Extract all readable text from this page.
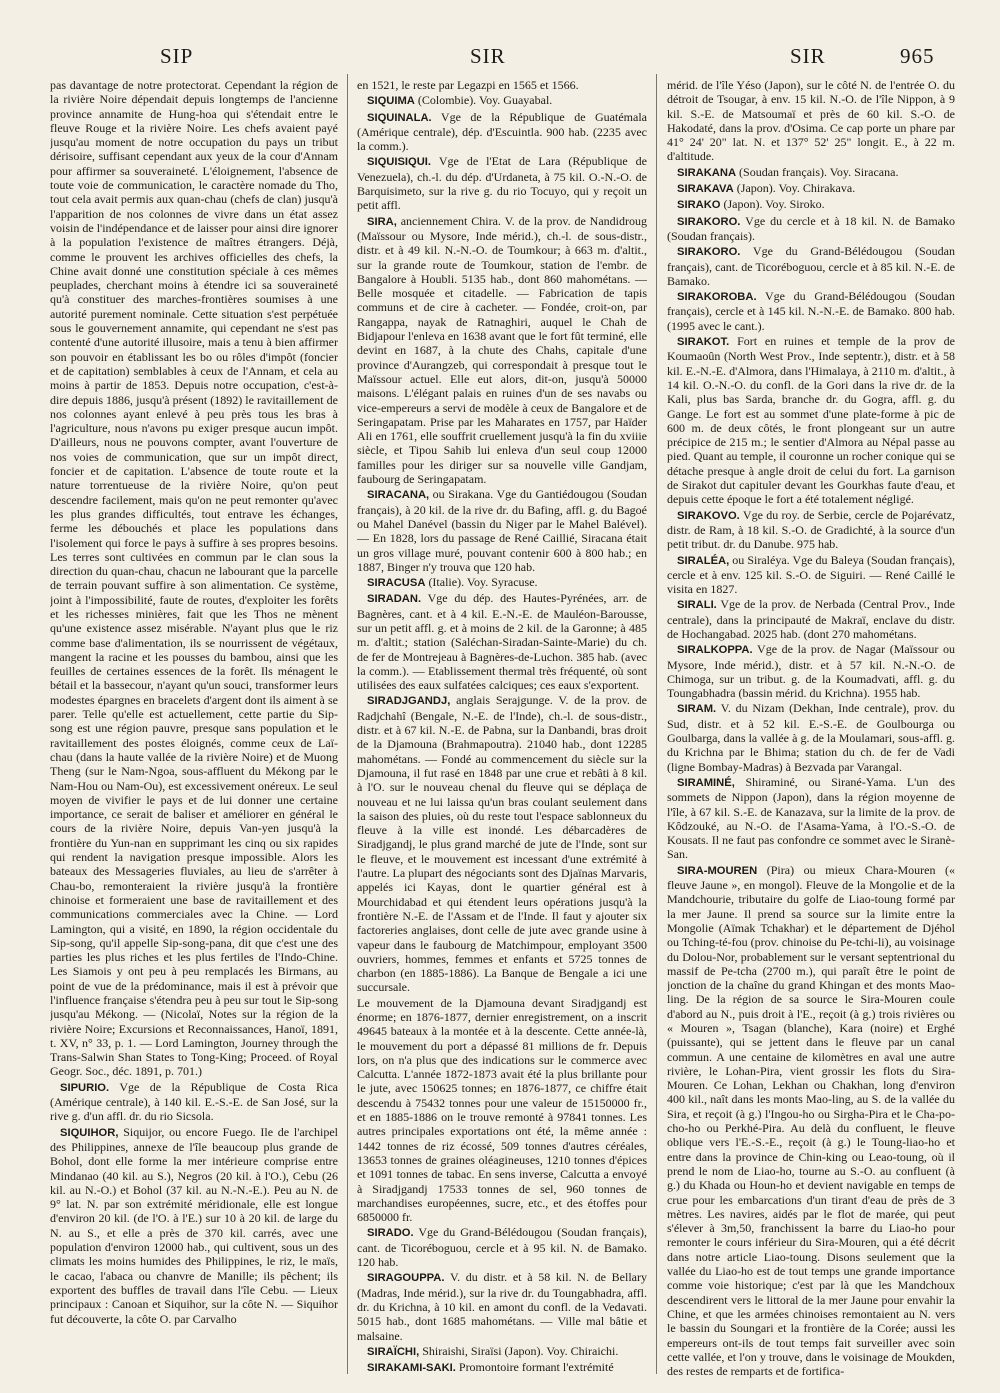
SIP	SIR	SIR	965

pas davantage de notre protectorat. Cependant la région de la rivière Noire dépendait depuis longtemps de l'ancienne province annamite de Hung-hoa qui s'étendait entre le fleuve Rouge et la rivière Noire. Les chefs avaient payé jusqu'au moment de notre occupation du pays un tribut dérisoire, suffisant cependant aux yeux de la cour d'Annam pour affirmer sa souveraineté. L'éloignement, l'absence de toute voie de communication, le caractère nomade du Tho, tout cela avait permis aux quan-chau (chefs de clan) jusqu'à l'apparition de nos colonnes de vivre dans un état assez voisin de l'indépendance et de laisser pour ainsi dire ignorer à la population l'existence de maîtres étrangers. Déjà, comme le prouvent les archives officielles des chefs, la Chine avait donné une constitution spéciale à ces mêmes peuplades, cherchant moins à étendre ici sa souveraineté qu'à constituer des marches-frontières soumises à une autorité purement nominale. Cette situation s'est perpétuée sous le gouvernement annamite, qui cependant ne s'est pas contenté d'une autorité illusoire, mais a tenu à bien affirmer son pouvoir en établissant les bo ou rôles d'impôt (foncier et de capitation) semblables à ceux de l'Annam, et cela au moins à partir de 1853. Depuis notre occupation, c'est-à-dire depuis 1886, jusqu'à présent (1892) le ravitaillement de nos colonnes ayant enlevé à peu près tous les bras à l'agriculture, nous n'avons pu exiger presque aucun impôt. D'ailleurs, nous ne pouvons compter, avant l'ouverture de nos voies de communication, que sur un impôt direct, foncier et de capitation. L'absence de toute route et la nature torrentueuse de la rivière Noire, qu'on peut descendre facilement, mais qu'on ne peut remonter qu'avec les plus grandes difficultés, tout entrave les échanges, ferme les débouchés et place les populations dans l'isolement qui force le pays à suffire à ses propres besoins. Les terres sont cultivées en commun par le clan sous la direction du quan-chau, chacun ne labourant que la parcelle de terrain pouvant suffire à son alimentation. Ce système, joint à l'impossibilité, faute de routes, d'exploiter les forêts et les richesses minières, fait que les Thos ne mènent qu'une existence assez misérable. N'ayant plus que le riz comme base d'alimentation, ils se nourrissent de végétaux, mangent la racine et les pousses du bambou, ainsi que les feuilles de certaines essences de la forêt. Ils ménagent le bétail et la bassecour, n'ayant qu'un souci, transformer leurs modestes épargnes en bracelets d'argent dont ils aiment à se parer. Telle qu'elle est actuellement, cette partie du Sip-song est une région pauvre, presque sans population et le ravitaillement des postes éloignés, comme ceux de Laï-chau (dans la haute vallée de la rivière Noire) et de Muong Theng (sur le Nam-Ngoa, sous-affluent du Mékong par le Nam-Hou ou Nam-Ou), est excessivement onéreux. Le seul moyen de vivifier le pays et de lui donner une certaine importance, ce serait de baliser et améliorer en général le cours de la rivière Noire, depuis Van-yen jusqu'à la frontière du Yun-nan en supprimant les cinq ou six rapides qui rendent la navigation presque impossible. Alors les bateaux des Messageries fluviales, au lieu de s'arrêter à Chau-bo, remonteraient la rivière jusqu'à la frontière chinoise et formeraient une base de ravitaillement et des communications commerciales avec la Chine. — Lord Lamington, qui a visité, en 1890, la région occidentale du Sip-song, qu'il appelle Sip-song-pana, dit que c'est une des parties les plus riches et les plus fertiles de l'Indo-Chine. Les Siamois y ont peu à peu remplacés les Birmans, au point de vue de la prédominance, mais il est à prévoir que l'influence française s'étendra peu à peu sur tout le Sip-song jusqu'au Mékong. — (Nicolaï, Notes sur la région de la rivière Noire; Excursions et Reconnaissances, Hanoï, 1891, t. XV, n° 33, p. 1. — Lord Lamington, Journey through the Trans-Salwin Shan States to Tong-King; Proceed. of Royal Geogr. Soc., déc. 1891, p. 701.)

SIPURIO. Vge de la République de Costa Rica (Amérique centrale), à 140 kil. E.-S.-E. de San José, sur la rive g. d'un affl. dr. du rio Sicsola.

SIQUIHOR, Siquijor, ou encore Fuego. Ile de l'archipel des Philippines, annexe de l'île beaucoup plus grande de Bohol, dont elle forme la mer intérieure comprise entre Mindanao (40 kil. au S.), Negros (20 kil. à l'O.), Cebu (26 kil. au N.-O.) et Bohol (37 kil. au N.-N.-E.). Peu au N. de 9° lat. N. par son extrémité méridionale, elle est longue d'environ 20 kil. (de l'O. à l'E.) sur 10 à 20 kil. de large du N. au S., et elle a près de 370 kil. carrés, avec une population d'environ 12000 hab., qui cultivent, sous un des climats les moins humides des Philippines, le riz, le maïs, le cacao, l'abaca ou chanvre de Manille; ils pêchent; ils exportent des buffles de travail dans l'île Cebu. — Lieux principaux : Canoan et Siquihor, sur la côte N. — Siquihor fut découverte, la côte O. par Carvalho

en 1521, le reste par Legazpi en 1565 et 1566.

SIQUIMA (Colombie). Voy. Guayabal.

SIQUINALA. Vge de la République de Guatémala (Amérique centrale), dép. d'Escuintla. 900 hab. (2235 avec la comm.).

SIQUISIQUI. Vge de l'Etat de Lara (République de Venezuela), ch.-l. du dép. d'Urdaneta, à 75 kil. O.-N.-O. de Barquisimeto, sur la rive g. du rio Tocuyo, qui y reçoit un petit affl.

SIRA, anciennement Chira. V. de la prov. de Nandidroug (Maïssour ou Mysore, Inde mérid.), ch.-l. de sous-distr., distr. et à 49 kil. N.-N.-O. de Toumkour; à 663 m. d'altit., sur la grande route de Toumkour, station de l'embr. de Bangalore à Houbli. 5135 hab., dont 860 mahométans. — Belle mosquée et citadelle. — Fabrication de tapis communs et de cire à cacheter. — Fondée, croit-on, par Rangappa, nayak de Ratnaghiri, auquel le Chah de Bidjapour l'enleva en 1638 avant que le fort fût terminé, elle devint en 1687, à la chute des Chahs, capitale d'une province d'Aurangzeb, qui correspondait à presque tout le Maïssour actuel. Elle eut alors, dit-on, jusqu'à 50000 maisons. L'élégant palais en ruines d'un de ses navabs ou vice-empereurs a servi de modèle à ceux de Bangalore et de Seringapatam. Prise par les Maharates en 1757, par Haïder Ali en 1761, elle souffrit cruellement jusqu'à la fin du xviiie siècle, et Tipou Sahib lui enleva d'un seul coup 12000 familles pour les diriger sur sa nouvelle ville Gandjam, faubourg de Seringapatam.

SIRACANA, ou Sirakana. Vge du Gantiédougou (Soudan français), à 20 kil. de la rive dr. du Bafing, affl. g. du Bagoé ou Mahel Danével (bassin du Niger par le Mahel Balével). — En 1828, lors du passage de René Caillié, Siracana était un gros village muré, pouvant contenir 600 à 800 hab.; en 1887, Binger n'y trouva que 120 hab.

SIRACUSA (Italie). Voy. Syracuse.

SIRADAN. Vge du dép. des Hautes-Pyrénées, arr. de Bagnères, cant. et à 4 kil. E.-N.-E. de Mauléon-Barousse, sur un petit affl. g. et à moins de 2 kil. de la Garonne; à 485 m. d'altit.; station (Saléchan-Siradan-Sainte-Marie) du ch. de fer de Montrejeau à Bagnères-de-Luchon. 385 hab. (avec la comm.). — Etablissement thermal très fréquenté, où sont utilisées des eaux sulfatées calciques; ces eaux s'exportent.

SIRADJGANDJ, anglais Serajgunge. V. de la prov. de Radjchahî (Bengale, N.-E. de l'Inde), ch.-l. de sous-distr., distr. et à 67 kil. N.-E. de Pabna, sur la Danbandi, bras droit de la Djamouna (Brahmapoutra). 21040 hab., dont 12285 mahométans. — Fondé au commencement du siècle sur la Djamouna, il fut rasé en 1848 par une crue et rebâti à 8 kil. à l'O. sur le nouveau chenal du fleuve qui se déplaça de nouveau et ne lui laissa qu'un bras coulant seulement dans la saison des pluies, où du reste tout l'espace sablonneux du fleuve à la ville est inondé. Les débarcadères de Siradjgandj, le plus grand marché de jute de l'Inde, sont sur le fleuve, et le mouvement est incessant d'une extrémité à l'autre. La plupart des négociants sont des Djaïnas Marvaris, appelés ici Kayas, dont le quartier général est à Mourchidabad et qui étendent leurs opérations jusqu'à la frontière N.-E. de l'Assam et de l'Inde. Il faut y ajouter six factoreries anglaises, dont celle de jute avec grande usine à vapeur dans le faubourg de Matchimpour, employant 3500 ouvriers, hommes, femmes et enfants et 5725 tonnes de charbon (en 1885-1886). La Banque de Bengale a ici une succursale.

Le mouvement de la Djamouna devant Siradjgandj est énorme; en 1876-1877, dernier enregistrement, on a inscrit 49645 bateaux à la montée et à la descente. Cette année-là, le mouvement du port a dépassé 81 millions de fr. Depuis lors, on n'a plus que des indications sur le commerce avec Calcutta. L'année 1872-1873 avait été la plus brillante pour le jute, avec 150625 tonnes; en 1876-1877, ce chiffre était descendu à 75432 tonnes pour une valeur de 15150000 fr., et en 1885-1886 on le trouve remonté à 97841 tonnes. Les autres principales exportations ont été, la même année : 1442 tonnes de riz écossé, 509 tonnes d'autres céréales, 13653 tonnes de graines oléagineuses, 1210 tonnes d'épices et 1091 tonnes de tabac. En sens inverse, Calcutta a envoyé à Siradjgandj 17533 tonnes de sel, 960 tonnes de marchandises européennes, sucre, etc., et des étoffes pour 6850000 fr.

SIRADO. Vge du Grand-Bélédougou (Soudan français), cant. de Ticoréboguou, cercle et à 95 kil. N. de Bamako. 120 hab.

SIRAGOUPPA. V. du distr. et à 58 kil. N. de Bellary (Madras, Inde mérid.), sur la rive dr. du Toungabhadra, affl. dr. du Krichna, à 10 kil. en amont du confl. de la Vedavati. 5015 hab., dont 1685 mahométans. — Ville mal bâtie et malsaine.

SIRAÏCHI, Shiraishi, Siraïsi (Japon). Voy. Chiraichi.

SIRAKAMI-SAKI. Promontoire formant l'extrémité

mérid. de l'île Yéso (Japon), sur le côté N. de l'entrée O. du détroit de Tsougar, à env. 15 kil. N.-O. de l'île Nippon, à 9 kil. S.-E. de Matsoumaï et près de 60 kil. S.-O. de Hakodaté, dans la prov. d'Osima. Ce cap porte un phare par 41° 24' 20" lat. N. et 137° 52' 25" longit. E., à 22 m. d'altitude.

SIRAKANA (Soudan français). Voy. Siracana.

SIRAKAVA (Japon). Voy. Chirakava.

SIRAKO (Japon). Voy. Siroko.

SIRAKORO. Vge du cercle et à 18 kil. N. de Bamako (Soudan français).

SIRAKORO. Vge du Grand-Bélédougou (Soudan français), cant. de Ticoréboguou, cercle et à 85 kil. N.-E. de Bamako.

SIRAKOROBA. Vge du Grand-Bélédougou (Soudan français), cercle et à 145 kil. N.-N.-E. de Bamako. 800 hab. (1995 avec le cant.).

SIRAKOT. Fort en ruines et temple de la prov de Koumaoûn (North West Prov., Inde septentr.), distr. et à 58 kil. E.-N.-E. d'Almora, dans l'Himalaya, à 2110 m. d'altit., à 14 kil. O.-N.-O. du confl. de la Gori dans la rive dr. de la Kali, plus bas Sarda, branche dr. du Gogra, affl. g. du Gange. Le fort est au sommet d'une plate-forme à pic de 600 m. de deux côtés, le front plongeant sur un autre précipice de 215 m.; le sentier d'Almora au Népal passe au pied. Quant au temple, il couronne un rocher conique qui se détache presque à angle droit de celui du fort. La garnison de Sirakot dut capituler devant les Gourkhas faute d'eau, et depuis cette époque le fort a été totalement négligé.

SIRAKOVO. Vge du roy. de Serbie, cercle de Pojarévatz, distr. de Ram, à 18 kil. S.-O. de Gradichté, à la source d'un petit tribut. dr. du Danube. 975 hab.

SIRALÉA, ou Siraléya. Vge du Baleya (Soudan français), cercle et à env. 125 kil. S.-O. de Siguiri. — René Caillé le visita en 1827.

SIRALI. Vge de la prov. de Nerbada (Central Prov., Inde centrale), dans la principauté de Makraï, enclave du distr. de Hochangabad. 2025 hab. (dont 270 mahométans.

SIRALKOPPA. Vge de la prov. de Nagar (Maïssour ou Mysore, Inde mérid.), distr. et à 57 kil. N.-N.-O. de Chimoga, sur un tribut. g. de la Koumadvati, affl. g. du Toungabhadra (bassin mérid. du Krichna). 1955 hab.

SIRAM. V. du Nizam (Dekhan, Inde centrale), prov. du Sud, distr. et à 52 kil. E.-S.-E. de Goulbourga ou Goulbarga, dans la vallée à g. de la Moulamari, sous-affl. g. du Krichna par le Bhima; station du ch. de fer de Vadi (ligne Bombay-Madras) à Bezvada par Varangal.

SIRAMINÉ, Shiraminé, ou Sirané-Yama. L'un des sommets de Nippon (Japon), dans la région moyenne de l'île, à 67 kil. S.-E. de Kanazava, sur la limite de la prov. de Kôdzouké, au N.-O. de l'Asama-Yama, à l'O.-S.-O. de Kousats. Il ne faut pas confondre ce sommet avec le Siranè-San.

SIRA-MOUREN (Pira) ou mieux Chara-Mouren (« fleuve Jaune », en mongol). Fleuve de la Mongolie et de la Mandchourie, tributaire du golfe de Liao-toung formé par la mer Jaune. Il prend sa source sur la limite entre la Mongolie (Aïmak Tchakhar) et le département de Djéhol ou Tching-té-fou (prov. chinoise du Pe-tchi-li), au voisinage du Dolou-Nor, probablement sur le versant septentrional du massif de Pe-tcha (2700 m.), qui paraît être le point de jonction de la chaîne du grand Khingan et des monts Mao-ling. De la région de sa source le Sira-Mouren coule d'abord au N., puis droit à l'E., reçoit (à g.) trois rivières ou « Mouren », Tsagan (blanche), Kara (noire) et Erghé (puissante), qui se jettent dans le fleuve par un canal commun. A une centaine de kilomètres en aval une autre rivière, le Lohan-Pira, vient grossir les flots du Sira-Mouren. Ce Lohan, Lekhan ou Chakhan, long d'environ 400 kil., naît dans les monts Mao-ling, au S. de la vallée du Sira, et reçoit (à g.) l'Ingou-ho ou Sirgha-Pira et le Cha-po-cho-ho ou Perkhé-Pira. Au delà du confluent, le fleuve oblique vers l'E.-S.-E., reçoit (à g.) le Toung-liao-ho et entre dans la province de Chin-king ou Leao-toung, où il prend le nom de Liao-ho, tourne au S.-O. au confluent (à g.) du Khada ou Houn-ho et devient navigable en temps de crue pour les embarcations d'un tirant d'eau de près de 3 mètres. Les navires, aidés par le flot de marée, qui peut s'élever à 3m,50, franchissent la barre du Liao-ho pour remonter le cours inférieur du Sira-Mouren, qui a été décrit dans notre article Liao-toung. Disons seulement que la vallée du Liao-ho est de tout temps une grande importance comme voie historique; c'est par là que les Mandchoux descendirent vers le littoral de la mer Jaune pour envahir la Chine, et que les armées chinoises remontaient au N. vers le bassin du Soungari et la frontière de la Corée; aussi les empereurs ont-ils de tout temps fait surveiller avec soin cette vallée, et l'on y trouve, dans le voisinage de Moukden, des restes de remparts et de fortifica-
